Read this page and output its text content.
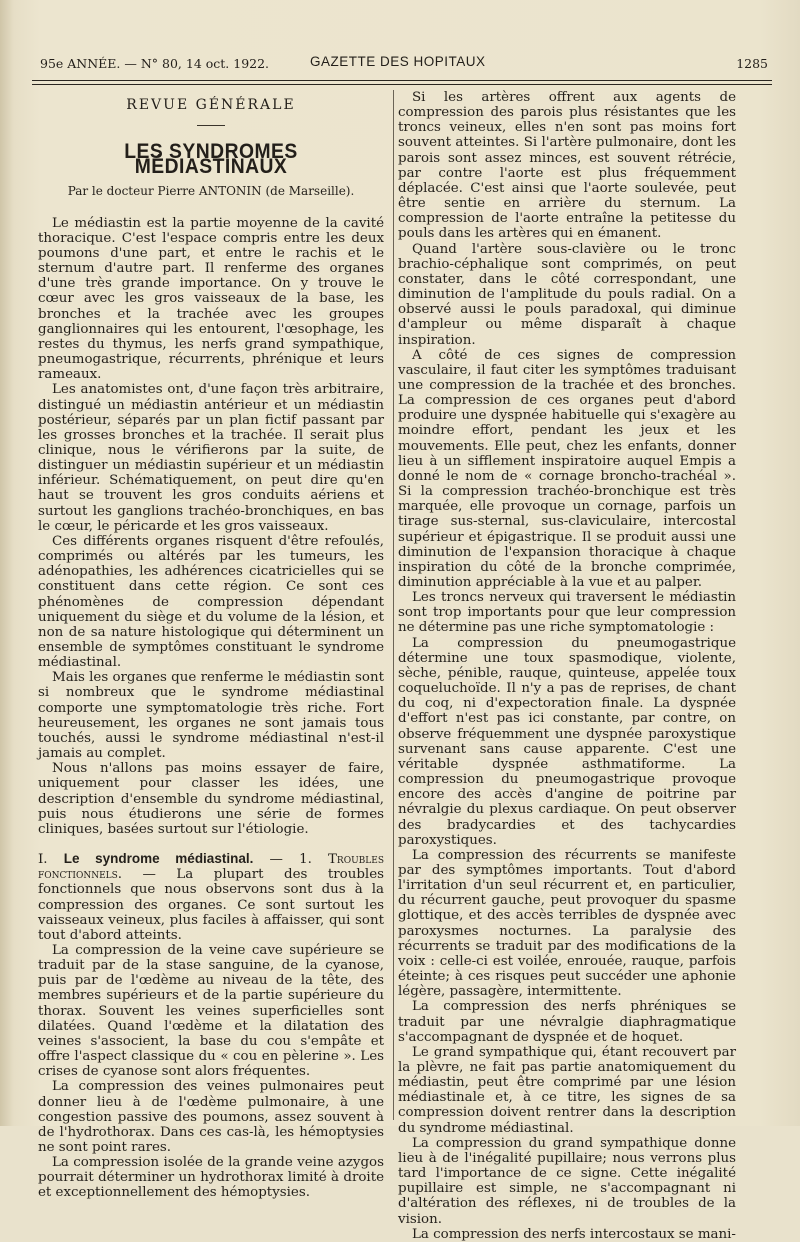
95e ANNÉE. — N° 80, 14 oct. 1922.	GAZETTE DES HOPITAUX	1285
REVUE GÉNÉRALE
LES SYNDROMES MÉDIASTINAUX
Par le docteur Pierre ANTONIN (de Marseille).

Le médiastin est la partie moyenne de la cavité thoracique. C'est l'espace compris entre les deux poumons d'une part, et entre le rachis et le sternum d'autre part. Il renferme des organes d'une très grande importance. On y trouve le cœur avec les gros vaisseaux de la base, les bronches et la trachée avec les groupes ganglionnaires qui les entourent, l'œsophage, les restes du thymus, les nerfs grand sympathique, pneumogastrique, récurrents, phrénique et leurs rameaux.

Les anatomistes ont, d'une façon très arbitraire, distingué un médiastin antérieur et un médiastin postérieur, séparés par un plan fictif passant par les grosses bronches et la trachée. Il serait plus clinique, nous le vérifierons par la suite, de distinguer un médiastin supérieur et un médiastin inférieur. Schématiquement, on peut dire qu'en haut se trouvent les gros conduits aériens et surtout les ganglions trachéo-bronchiques, en bas le cœur, le péricarde et les gros vaisseaux.

Ces différents organes risquent d'être refoulés, comprimés ou altérés par les tumeurs, les adénopathies, les adhérences cicatricielles qui se constituent dans cette région. Ce sont ces phénomènes de compression dépendant uniquement du siège et du volume de la lésion, et non de sa nature histologique qui déterminent un ensemble de symptômes constituant le syndrome médiastinal.

Mais les organes que renferme le médiastin sont si nombreux que le syndrome médiastinal comporte une symptomatologie très riche. Fort heureusement, les organes ne sont jamais tous touchés, aussi le syndrome médiastinal n'est-il jamais au complet.

Nous n'allons pas moins essayer de faire, uniquement pour classer les idées, une description d'ensemble du syndrome médiastinal, puis nous étudierons une série de formes cliniques, basées surtout sur l'étiologie.

I. Le syndrome médiastinal. — 1. Troubles fonctionnels. — La plupart des troubles fonctionnels que nous observons sont dus à la compression des organes. Ce sont surtout les vaisseaux veineux, plus faciles à affaisser, qui sont tout d'abord atteints.

La compression de la veine cave supérieure se traduit par de la stase sanguine, de la cyanose, puis par de l'œdème au niveau de la tête, des membres supérieurs et de la partie supérieure du thorax. Souvent les veines superficielles sont dilatées. Quand l'œdème et la dilatation des veines s'associent, la base du cou s'empâte et offre l'aspect classique du « cou en pèlerine ». Les crises de cyanose sont alors fréquentes.

La compression des veines pulmonaires peut donner lieu à de l'œdème pulmonaire, à une congestion passive des poumons, assez souvent à de l'hydrothorax. Dans ces cas-là, les hémoptysies ne sont point rares.

La compression isolée de la grande veine azygos pourrait déterminer un hydrothorax limité à droite et exceptionnellement des hémoptysies.

Si les artères offrent aux agents de compression des parois plus résistantes que les troncs veineux, elles n'en sont pas moins fort souvent atteintes. Si l'artère pulmonaire, dont les parois sont assez minces, est souvent rétrécie, par contre l'aorte est plus fréquemment déplacée. C'est ainsi que l'aorte soulevée, peut être sentie en arrière du sternum. La compression de l'aorte entraîne la petitesse du pouls dans les artères qui en émanent.

Quand l'artère sous-clavière ou le tronc brachio-céphalique sont comprimés, on peut constater, dans le côté correspondant, une diminution de l'amplitude du pouls radial. On a observé aussi le pouls paradoxal, qui diminue d'ampleur ou même disparaît à chaque inspiration.

A côté de ces signes de compression vasculaire, il faut citer les symptômes traduisant une compression de la trachée et des bronches. La compression de ces organes peut d'abord produire une dyspnée habituelle qui s'exagère au moindre effort, pendant les jeux et les mouvements. Elle peut, chez les enfants, donner lieu à un sifflement inspiratoire auquel Empis a donné le nom de « cornage broncho-trachéal ». Si la compression trachéo-bronchique est très marquée, elle provoque un cornage, parfois un tirage sus-sternal, sus-claviculaire, intercostal supérieur et épigastrique. Il se produit aussi une diminution de l'expansion thoracique à chaque inspiration du côté de la bronche comprimée, diminution appréciable à la vue et au palper.

Les troncs nerveux qui traversent le médiastin sont trop importants pour que leur compression ne détermine pas une riche symptomatologie :

La compression du pneumogastrique détermine une toux spasmodique, violente, sèche, pénible, rauque, quinteuse, appelée toux coqueluchoïde. Il n'y a pas de reprises, de chant du coq, ni d'expectoration finale. La dyspnée d'effort n'est pas ici constante, par contre, on observe fréquemment une dyspnée paroxystique survenant sans cause apparente. C'est une véritable dyspnée asthmatiforme. La compression du pneumogastrique provoque encore des accès d'angine de poitrine par névralgie du plexus cardiaque. On peut observer des bradycardies et des tachycardies paroxystiques.

La compression des récurrents se manifeste par des symptômes importants. Tout d'abord l'irritation d'un seul récurrent et, en particulier, du récurrent gauche, peut provoquer du spasme glottique, et des accès terribles de dyspnée avec paroxysmes nocturnes. La paralysie des récurrents se traduit par des modifications de la voix : celle-ci est voilée, enrouée, rauque, parfois éteinte; à ces risques peut succéder une aphonie légère, passagère, intermittente.

La compression des nerfs phréniques se traduit par une névralgie diaphragmatique s'accompagnant de dyspnée et de hoquet.

Le grand sympathique qui, étant recouvert par la plèvre, ne fait pas partie anatomiquement du médiastin, peut être comprimé par une lésion médiastinale et, à ce titre, les signes de sa compression doivent rentrer dans la description du syndrome médiastinal.

La compression du grand sympathique donne lieu à de l'inégalité pupillaire; nous verrons plus tard l'importance de ce signe. Cette inégalité pupillaire est simple, ne s'accompagnant ni d'altération des réflexes, ni de troubles de la vision.

La compression des nerfs intercostaux se mani-
